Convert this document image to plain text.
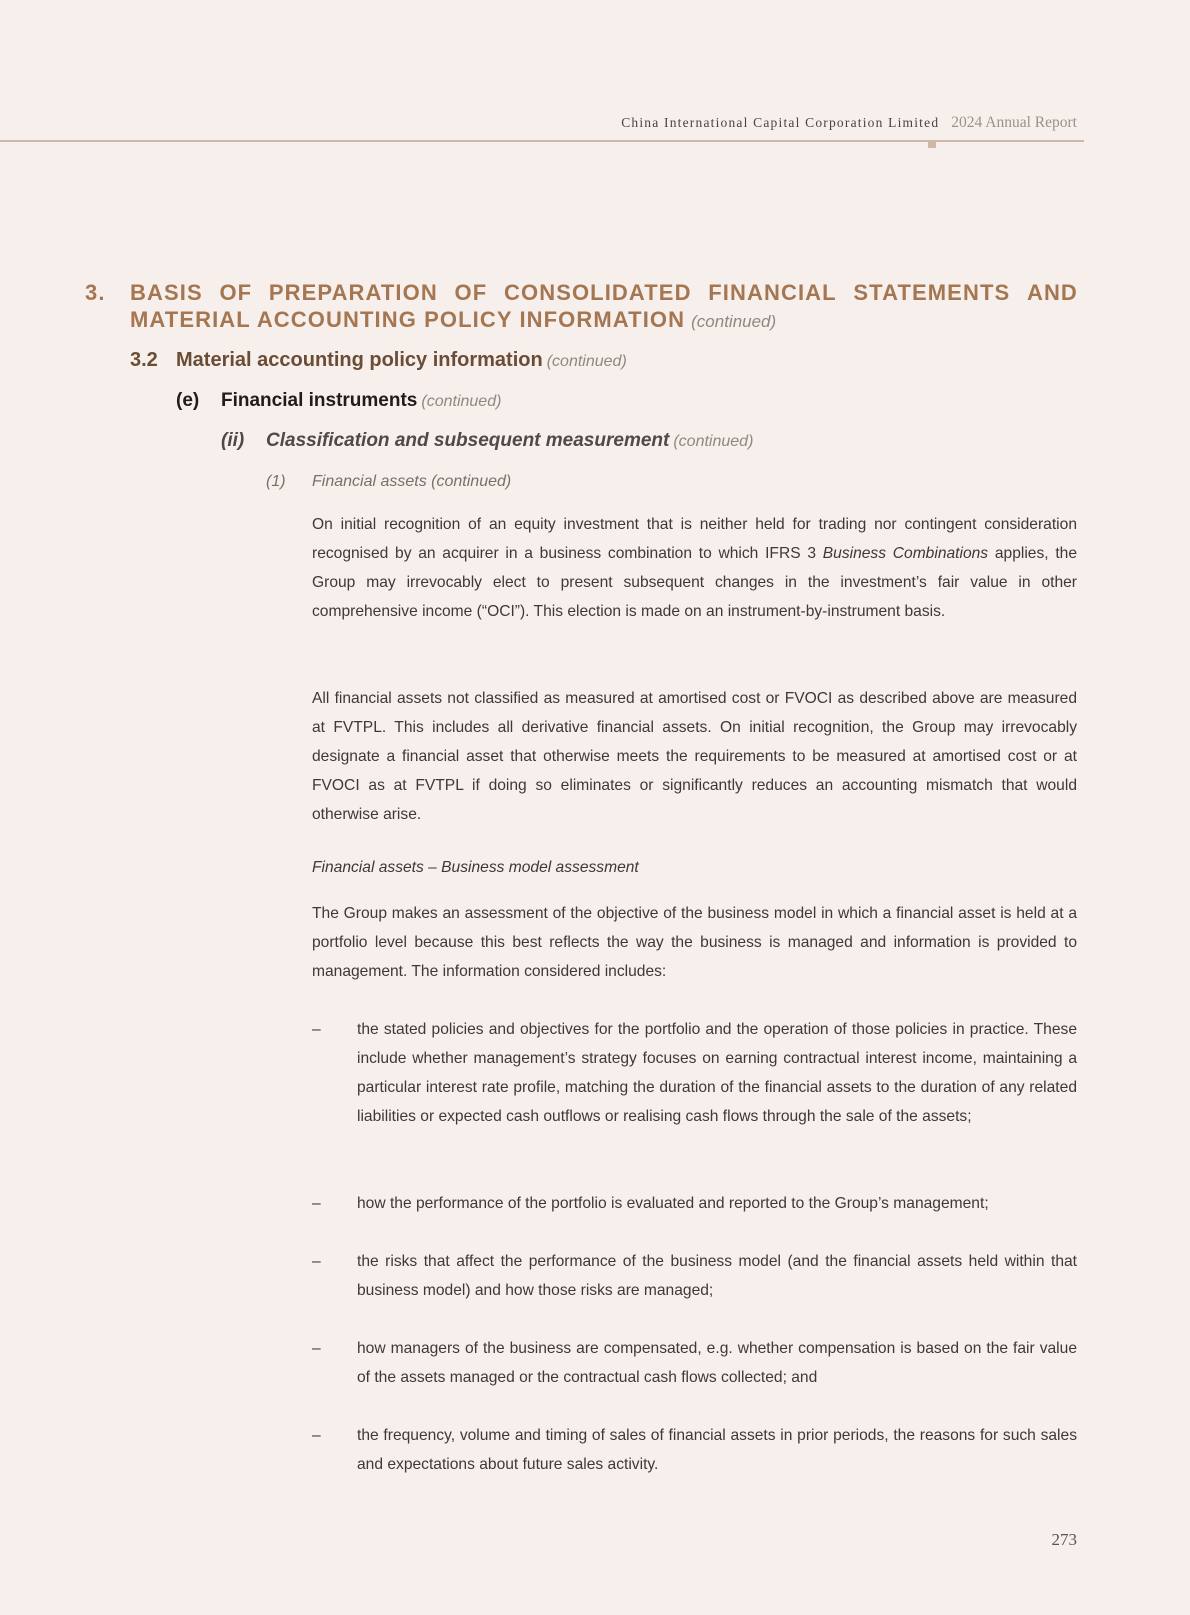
China International Capital Corporation Limited 2024 Annual Report
3. BASIS OF PREPARATION OF CONSOLIDATED FINANCIAL STATEMENTS AND
MATERIAL ACCOUNTING POLICY INFORMATION (continued)
3.2 Material accounting policy information (continued)
(e) Financial instruments (continued)
(ii) Classification and subsequent measurement (continued)
(1) Financial assets (continued)
On initial recognition of an equity investment that is neither held for trading nor contingent consideration recognised by an acquirer in a business combination to which IFRS 3 Business Combinations applies, the Group may irrevocably elect to present subsequent changes in the investment’s fair value in other comprehensive income (“OCI”). This election is made on an instrument-by-instrument basis.
All financial assets not classified as measured at amortised cost or FVOCI as described above are measured at FVTPL. This includes all derivative financial assets. On initial recognition, the Group may irrevocably designate a financial asset that otherwise meets the requirements to be measured at amortised cost or at FVOCI as at FVTPL if doing so eliminates or significantly reduces an accounting mismatch that would otherwise arise.
Financial assets – Business model assessment
The Group makes an assessment of the objective of the business model in which a financial asset is held at a portfolio level because this best reflects the way the business is managed and information is provided to management. The information considered includes:
– the stated policies and objectives for the portfolio and the operation of those policies in practice. These include whether management’s strategy focuses on earning contractual interest income, maintaining a particular interest rate profile, matching the duration of the financial assets to the duration of any related liabilities or expected cash outflows or realising cash flows through the sale of the assets;
– how the performance of the portfolio is evaluated and reported to the Group’s management;
– the risks that affect the performance of the business model (and the financial assets held within that business model) and how those risks are managed;
– how managers of the business are compensated, e.g. whether compensation is based on the fair value of the assets managed or the contractual cash flows collected; and
– the frequency, volume and timing of sales of financial assets in prior periods, the reasons for such sales and expectations about future sales activity.
273
